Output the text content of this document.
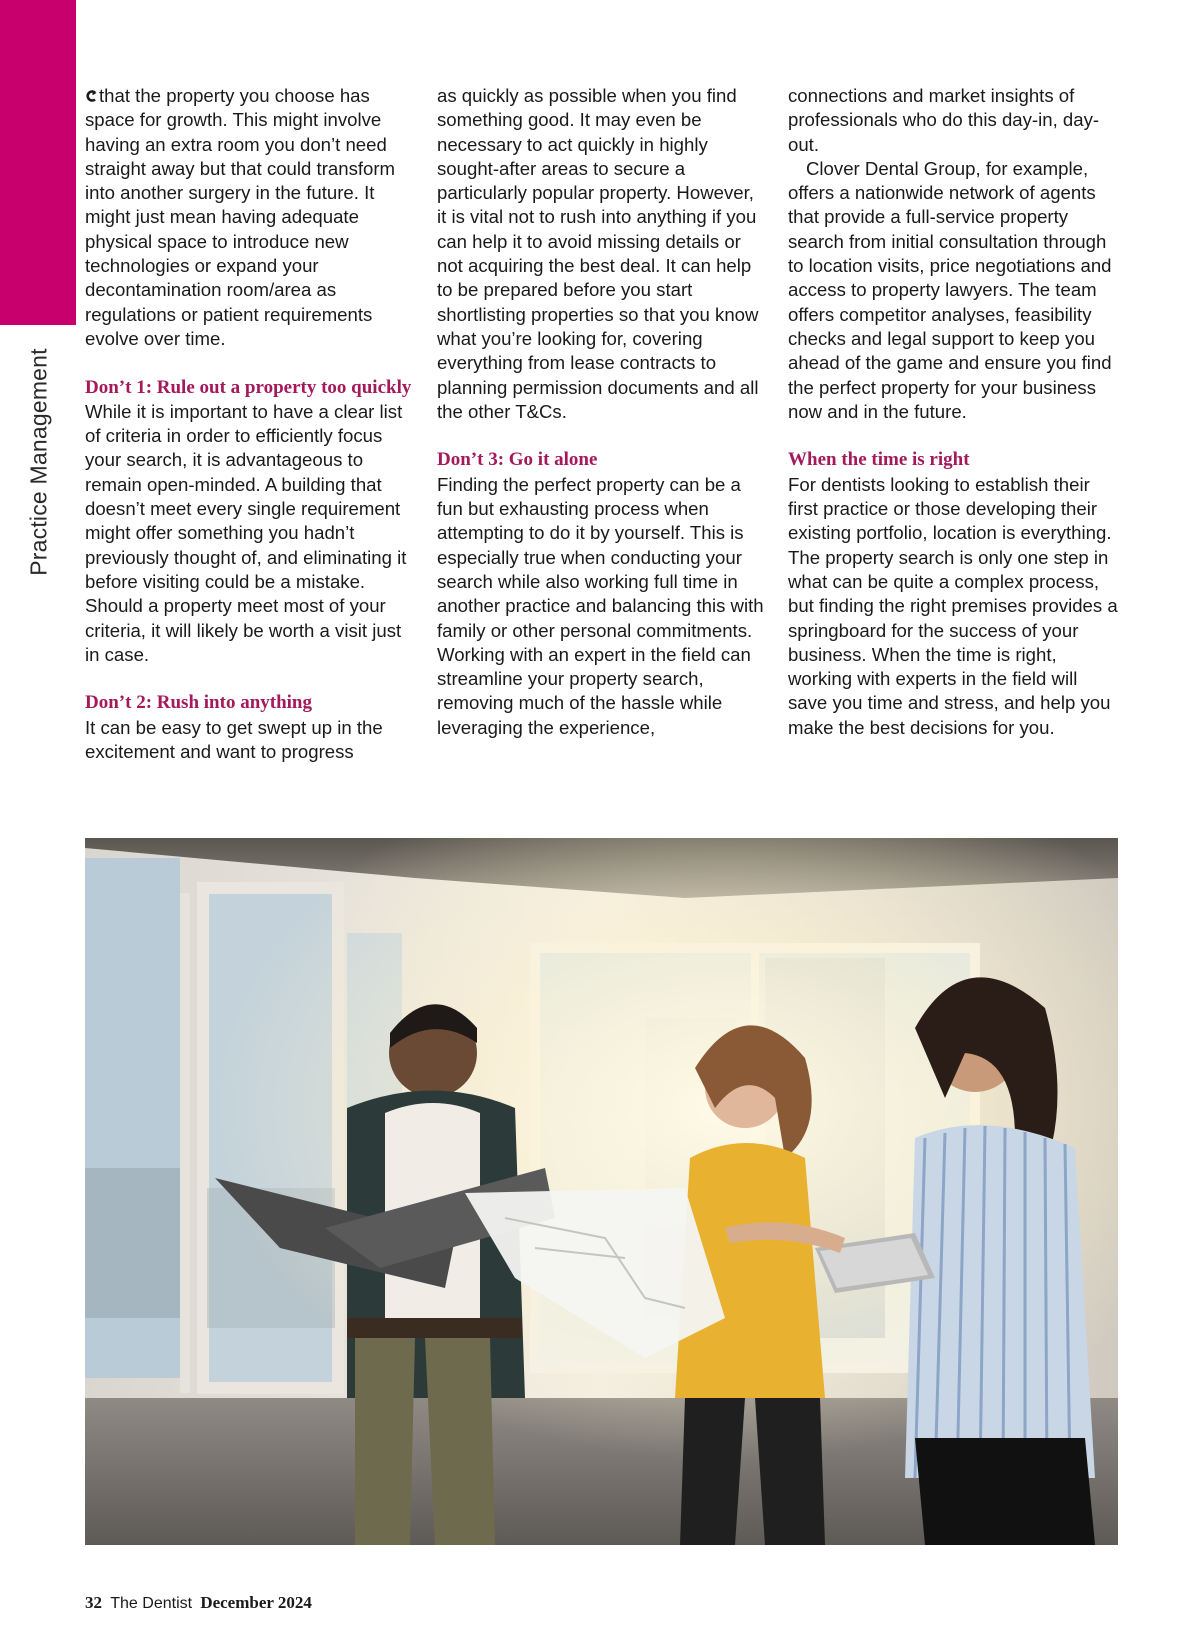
Practice Management

that the property you choose has space for growth. This might involve having an extra room you don’t need straight away but that could transform into another surgery in the future. It might just mean having adequate physical space to introduce new technologies or expand your decontamination room/area as regulations or patient requirements evolve over time.

Don’t 1: Rule out a property too quickly

While it is important to have a clear list of criteria in order to efficiently focus your search, it is advantageous to remain open-minded. A building that doesn’t meet every single requirement might offer something you hadn’t previously thought of, and eliminating it before visiting could be a mistake. Should a property meet most of your criteria, it will likely be worth a visit just in case.

Don’t 2: Rush into anything

It can be easy to get swept up in the excitement and want to progress

as quickly as possible when you find something good. It may even be necessary to act quickly in highly sought-after areas to secure a particularly popular property. However, it is vital not to rush into anything if you can help it to avoid missing details or not acquiring the best deal. It can help to be prepared before you start shortlisting properties so that you know what you’re looking for, covering everything from lease contracts to planning permission documents and all the other T&Cs.

Don’t 3: Go it alone

Finding the perfect property can be a fun but exhausting process when attempting to do it by yourself. This is especially true when conducting your search while also working full time in another practice and balancing this with family or other personal commitments. Working with an expert in the field can streamline your property search, removing much of the hassle while leveraging the experience,

connections and market insights of professionals who do this day-in, day-out.

Clover Dental Group, for example, offers a nationwide network of agents that provide a full-service property search from initial consultation through to location visits, price negotiations and access to property lawyers. The team offers competitor analyses, feasibility checks and legal support to keep you ahead of the game and ensure you find the perfect property for your business now and in the future.

When the time is right

For dentists looking to establish their first practice or those developing their existing portfolio, location is everything. The property search is only one step in what can be quite a complex process, but finding the right premises provides a springboard for the success of your business. When the time is right, working with experts in the field will save you time and stress, and help you make the best decisions for you.

32 The Dentist December 2024
